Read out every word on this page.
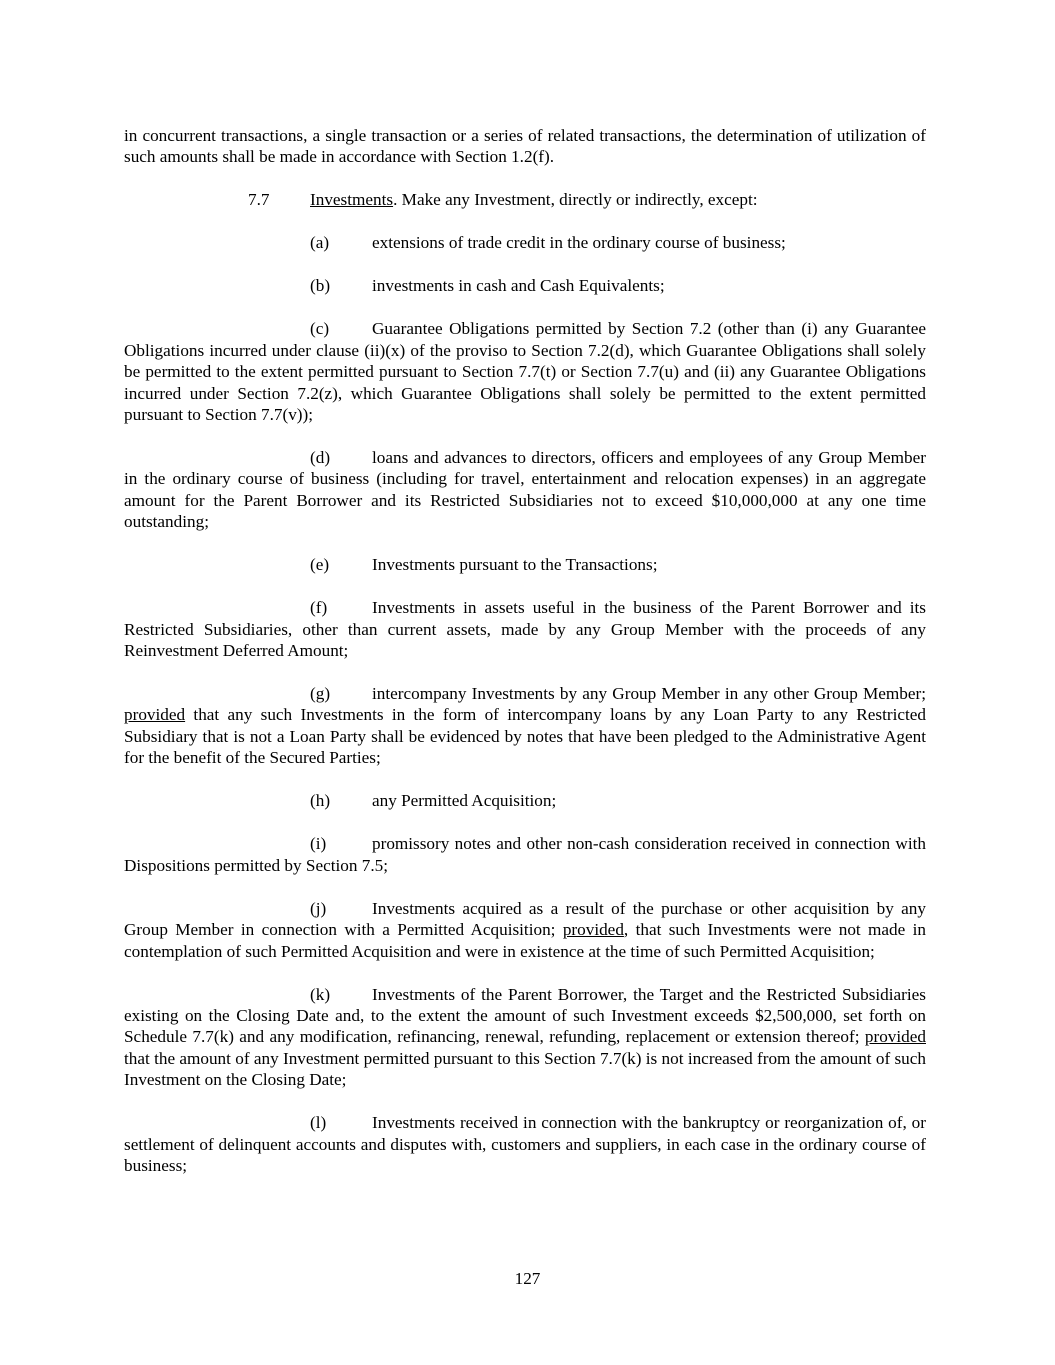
in concurrent transactions, a single transaction or a series of related transactions, the determination of utilization of such amounts shall be made in accordance with Section 1.2(f).

7.7 Investments. Make any Investment, directly or indirectly, except:

(a) extensions of trade credit in the ordinary course of business;

(b) investments in cash and Cash Equivalents;

(c) Guarantee Obligations permitted by Section 7.2 (other than (i) any Guarantee Obligations incurred under clause (ii)(x) of the proviso to Section 7.2(d), which Guarantee Obligations shall solely be permitted to the extent permitted pursuant to Section 7.7(t) or Section 7.7(u) and (ii) any Guarantee Obligations incurred under Section 7.2(z), which Guarantee Obligations shall solely be permitted to the extent permitted pursuant to Section 7.7(v));

(d) loans and advances to directors, officers and employees of any Group Member in the ordinary course of business (including for travel, entertainment and relocation expenses) in an aggregate amount for the Parent Borrower and its Restricted Subsidiaries not to exceed $10,000,000 at any one time outstanding;

(e) Investments pursuant to the Transactions;

(f)	Investments in assets useful in the business of the Parent Borrower and its Restricted Subsidiaries, other than current assets, made by any Group Member with the proceeds of any Reinvestment Deferred Amount;

(g) intercompany Investments by any Group Member in any other Group Member; provided that any such Investments in the form of intercompany loans by any Loan Party to any Restricted Subsidiary that is not a Loan Party shall be evidenced by notes that have been pledged to the Administrative Agent for the benefit of the Secured Parties;

(h) any Permitted Acquisition;

(i)	promissory notes and other non-cash consideration received in connection with Dispositions permitted by Section 7.5;

(j)	Investments acquired as a result of the purchase or other acquisition by any Group Member in connection with a Permitted Acquisition; provided, that such Investments were not made in contemplation of such Permitted Acquisition and were in existence at the time of such Permitted Acquisition;

(k) Investments of the Parent Borrower, the Target and the Restricted Subsidiaries existing on the Closing Date and, to the extent the amount of such Investment exceeds $2,500,000, set forth on Schedule 7.7(k) and any modification, refinancing, renewal, refunding, replacement or extension thereof; provided that the amount of any Investment permitted pursuant to this Section 7.7(k) is not increased from the amount of such Investment on the Closing Date;

(l)	Investments received in connection with the bankruptcy or reorganization of, or settlement of delinquent accounts and disputes with, customers and suppliers, in each case in the ordinary course of business;

127
